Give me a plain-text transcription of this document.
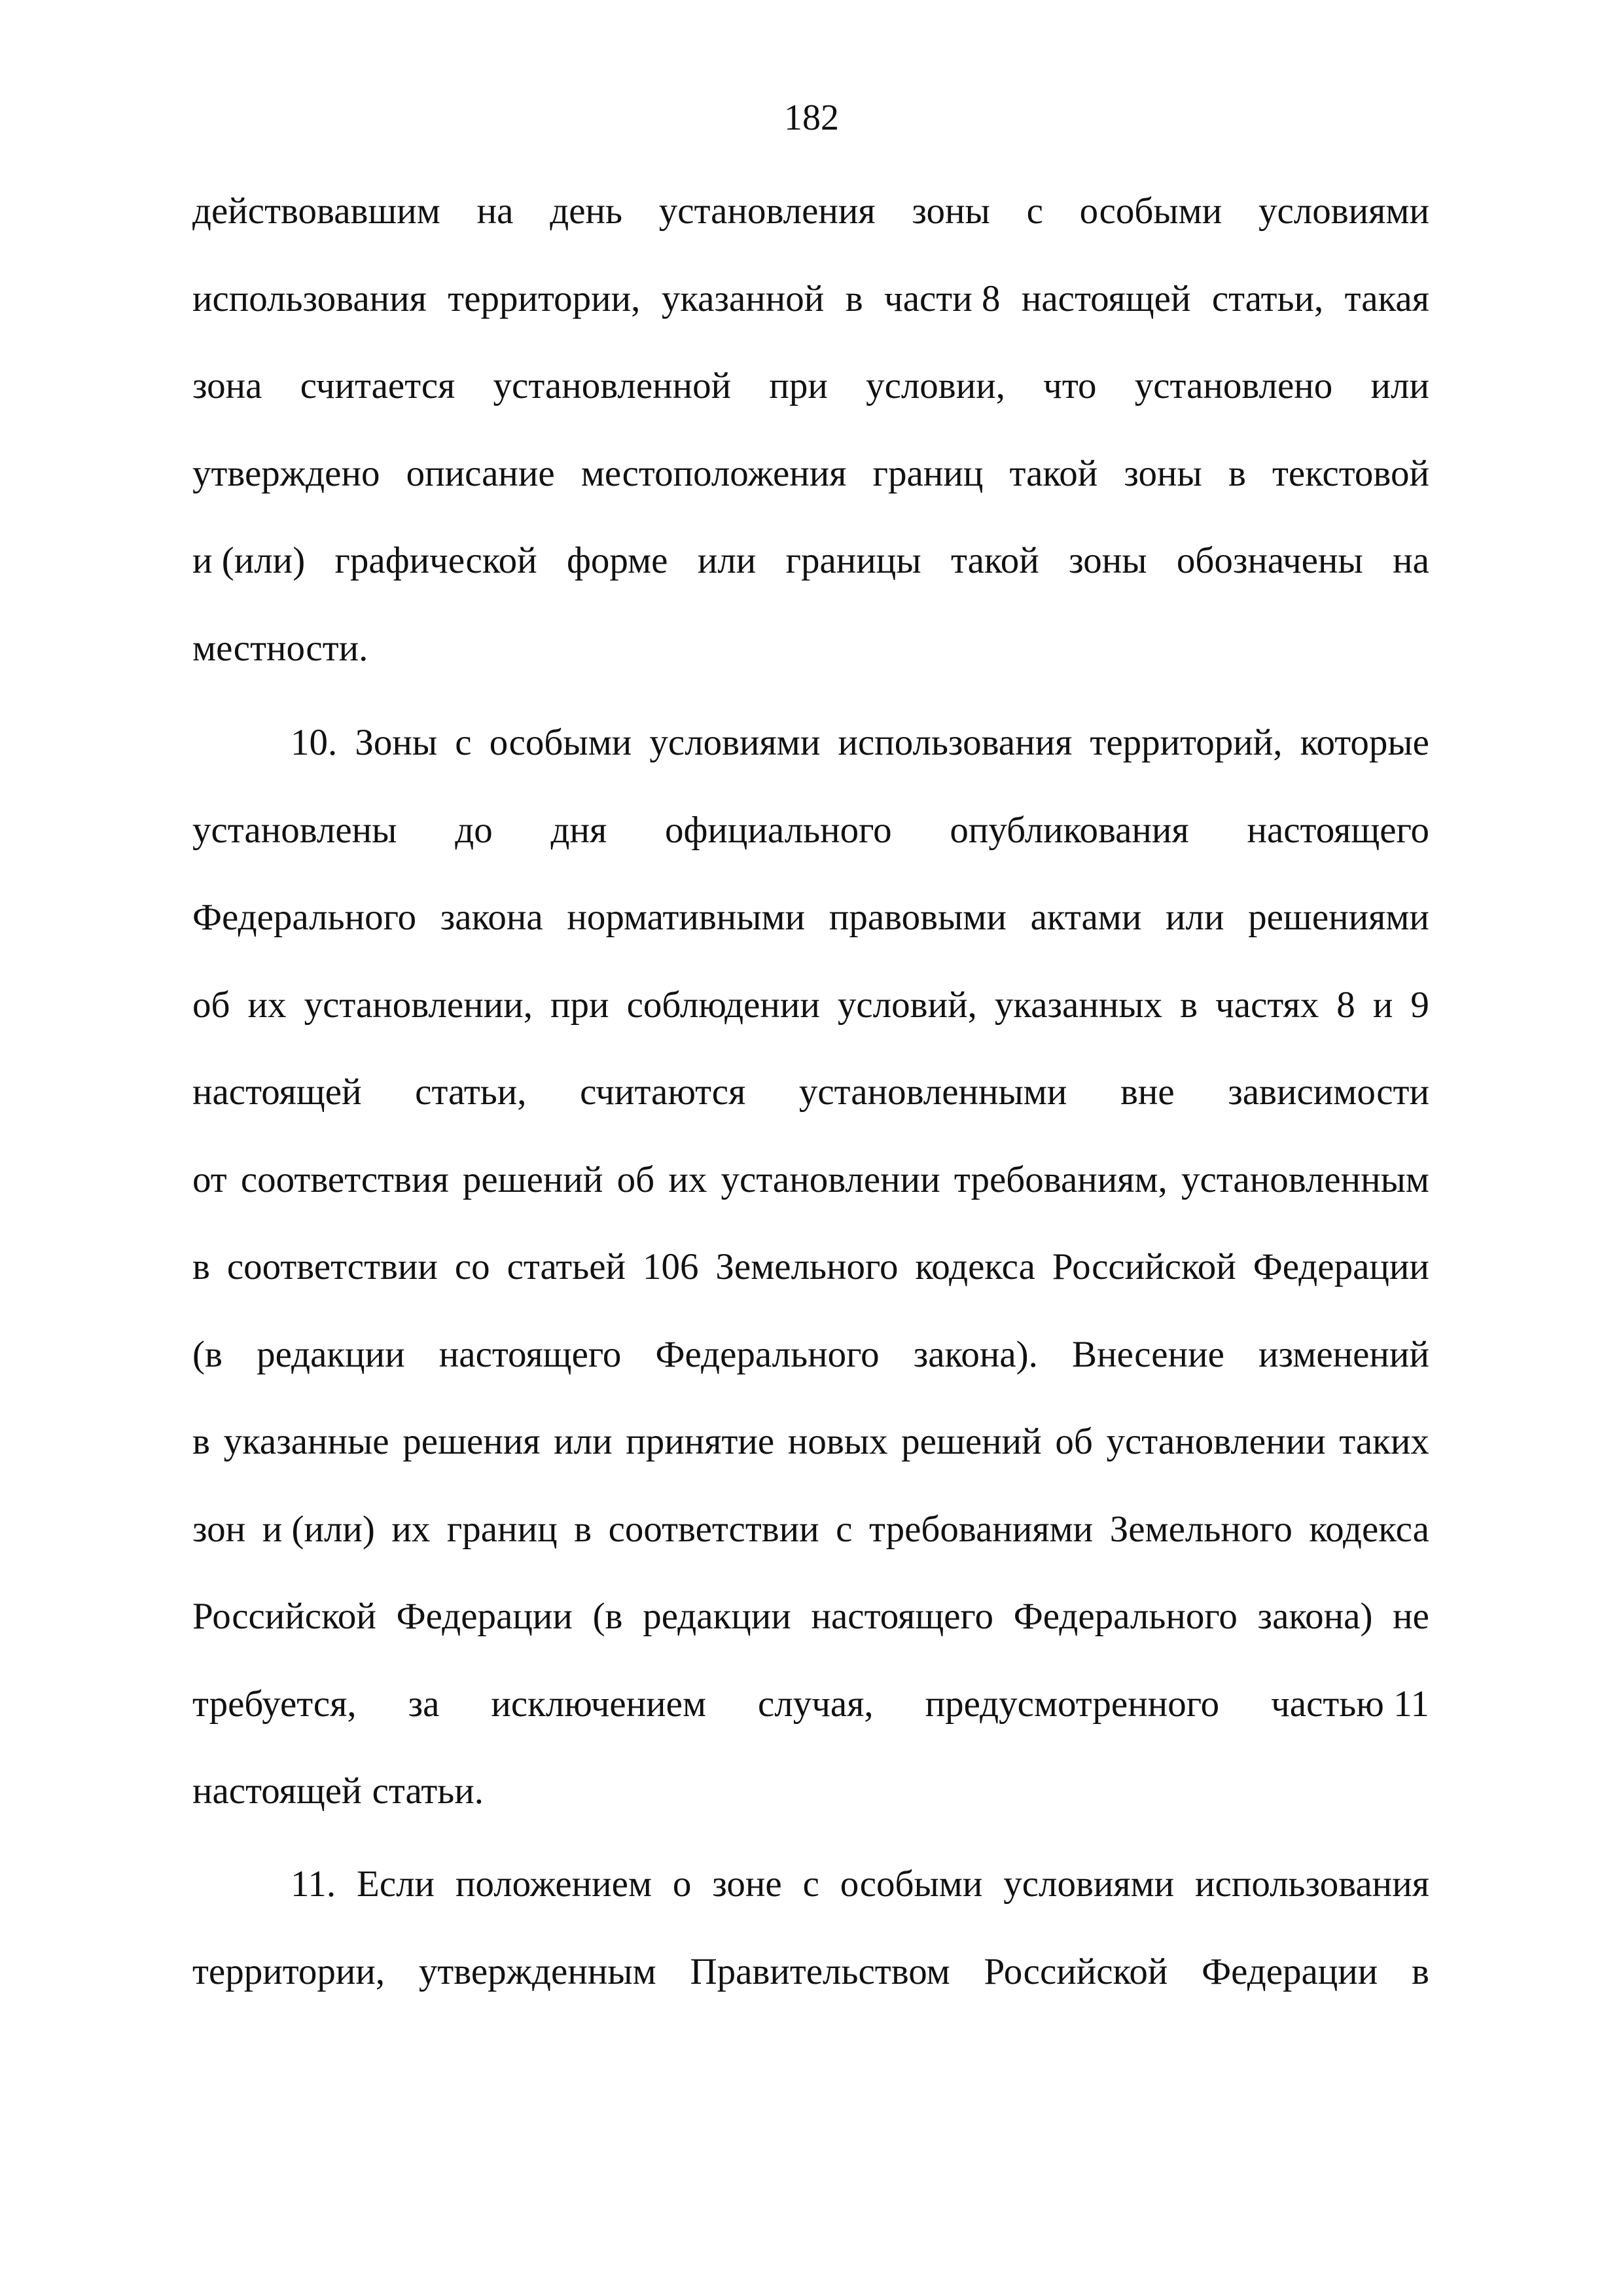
182
действовавшим на день установления зоны с особыми условиями
использования территории, указанной в части 8 настоящей статьи, такая
зона считается установленной при условии, что установлено или
утверждено описание местоположения границ такой зоны в текстовой
и (или) графической форме или границы такой зоны обозначены на
местности.
10. Зоны с особыми условиями использования территорий, которые
установлены до дня официального опубликования настоящего
Федерального закона нормативными правовыми актами или решениями
об их установлении, при соблюдении условий, указанных в частях 8 и 9
настоящей статьи, считаются установленными вне зависимости
от соответствия решений об их установлении требованиям, установленным
в соответствии со статьей 106 Земельного кодекса Российской Федерации
(в редакции настоящего Федерального закона). Внесение изменений
в указанные решения или принятие новых решений об установлении таких
зон и (или) их границ в соответствии с требованиями Земельного кодекса
Российской Федерации (в редакции настоящего Федерального закона) не
требуется, за исключением случая, предусмотренного частью 11
настоящей статьи.
11. Если положением о зоне с особыми условиями использования
территории, утвержденным Правительством Российской Федерации в
